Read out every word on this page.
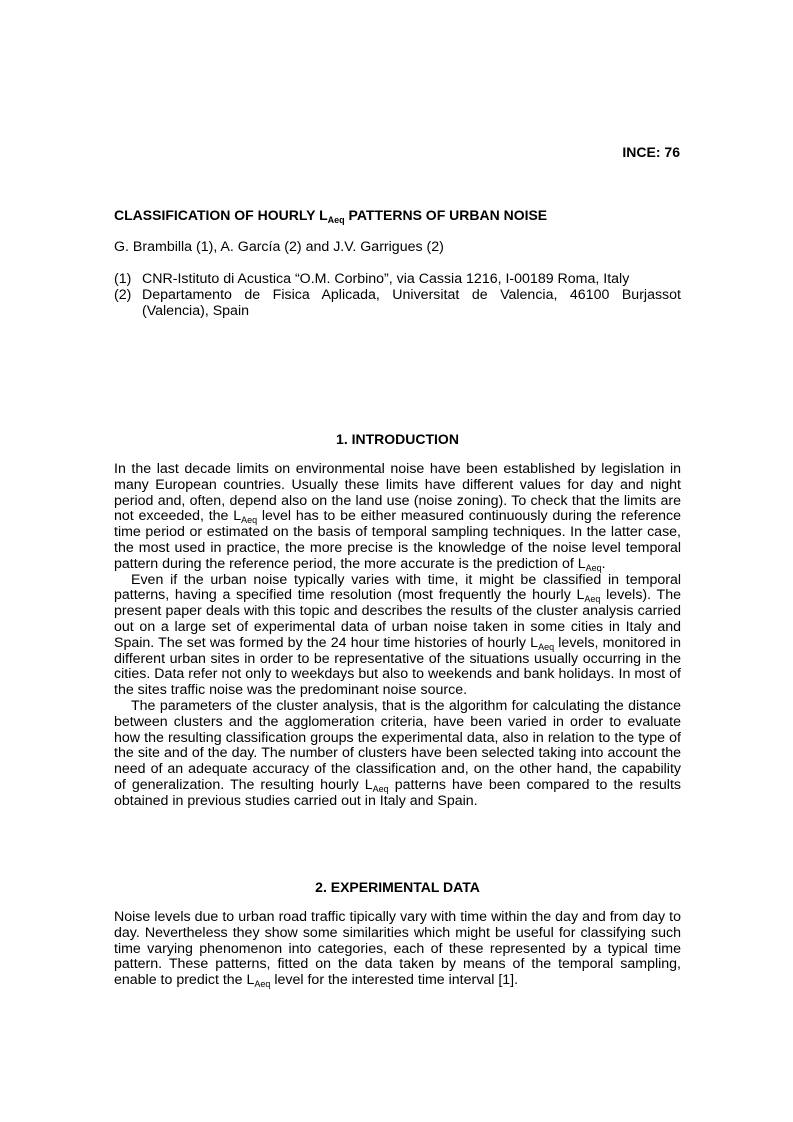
INCE: 76
CLASSIFICATION OF HOURLY $L_{Aeq}$ PATTERNS OF URBAN NOISE
G. Brambilla (1), A. García (2) and J.V. Garrigues (2)
(1) CNR-Istituto di Acustica “O.M. Corbino”, via Cassia 1216, I-00189 Roma, Italy
(2) Departamento de Fisica Aplicada, Universitat de Valencia, 46100 Burjassot (Valencia), Spain
1. INTRODUCTION

In the last decade limits on environmental noise have been established by legislation in many European countries. Usually these limits have different values for day and night period and, often, depend also on the land use (noise zoning). To check that the limits are not exceeded, the $L_{Aeq}$ level has to be either measured continuously during the reference time period or estimated on the basis of temporal sampling techniques. In the latter case, the most used in practice, the more precise is the knowledge of the noise level temporal pattern during the reference period, the more accurate is the prediction of $L_{Aeq}$.

Even if the urban noise typically varies with time, it might be classified in temporal patterns, having a specified time resolution (most frequently the hourly $L_{Aeq}$ levels). The present paper deals with this topic and describes the results of the cluster analysis carried out on a large set of experimental data of urban noise taken in some cities in Italy and Spain. The set was formed by the 24 hour time histories of hourly $L_{Aeq}$ levels, monitored in different urban sites in order to be representative of the situations usually occurring in the cities. Data refer not only to weekdays but also to weekends and bank holidays. In most of the sites traffic noise was the predominant noise source.

The parameters of the cluster analysis, that is the algorithm for calculating the distance between clusters and the agglomeration criteria, have been varied in order to evaluate how the resulting classification groups the experimental data, also in relation to the type of the site and of the day. The number of clusters have been selected taking into account the need of an adequate accuracy of the classification and, on the other hand, the capability of generalization. The resulting hourly $L_{Aeq}$ patterns have been compared to the results obtained in previous studies carried out in Italy and Spain.

2. EXPERIMENTAL DATA

Noise levels due to urban road traffic tipically vary with time within the day and from day to day. Nevertheless they show some similarities which might be useful for classifying such time varying phenomenon into categories, each of these represented by a typical time pattern. These patterns, fitted on the data taken by means of the temporal sampling, enable to predict the $L_{Aeq}$ level for the interested time interval [1].
